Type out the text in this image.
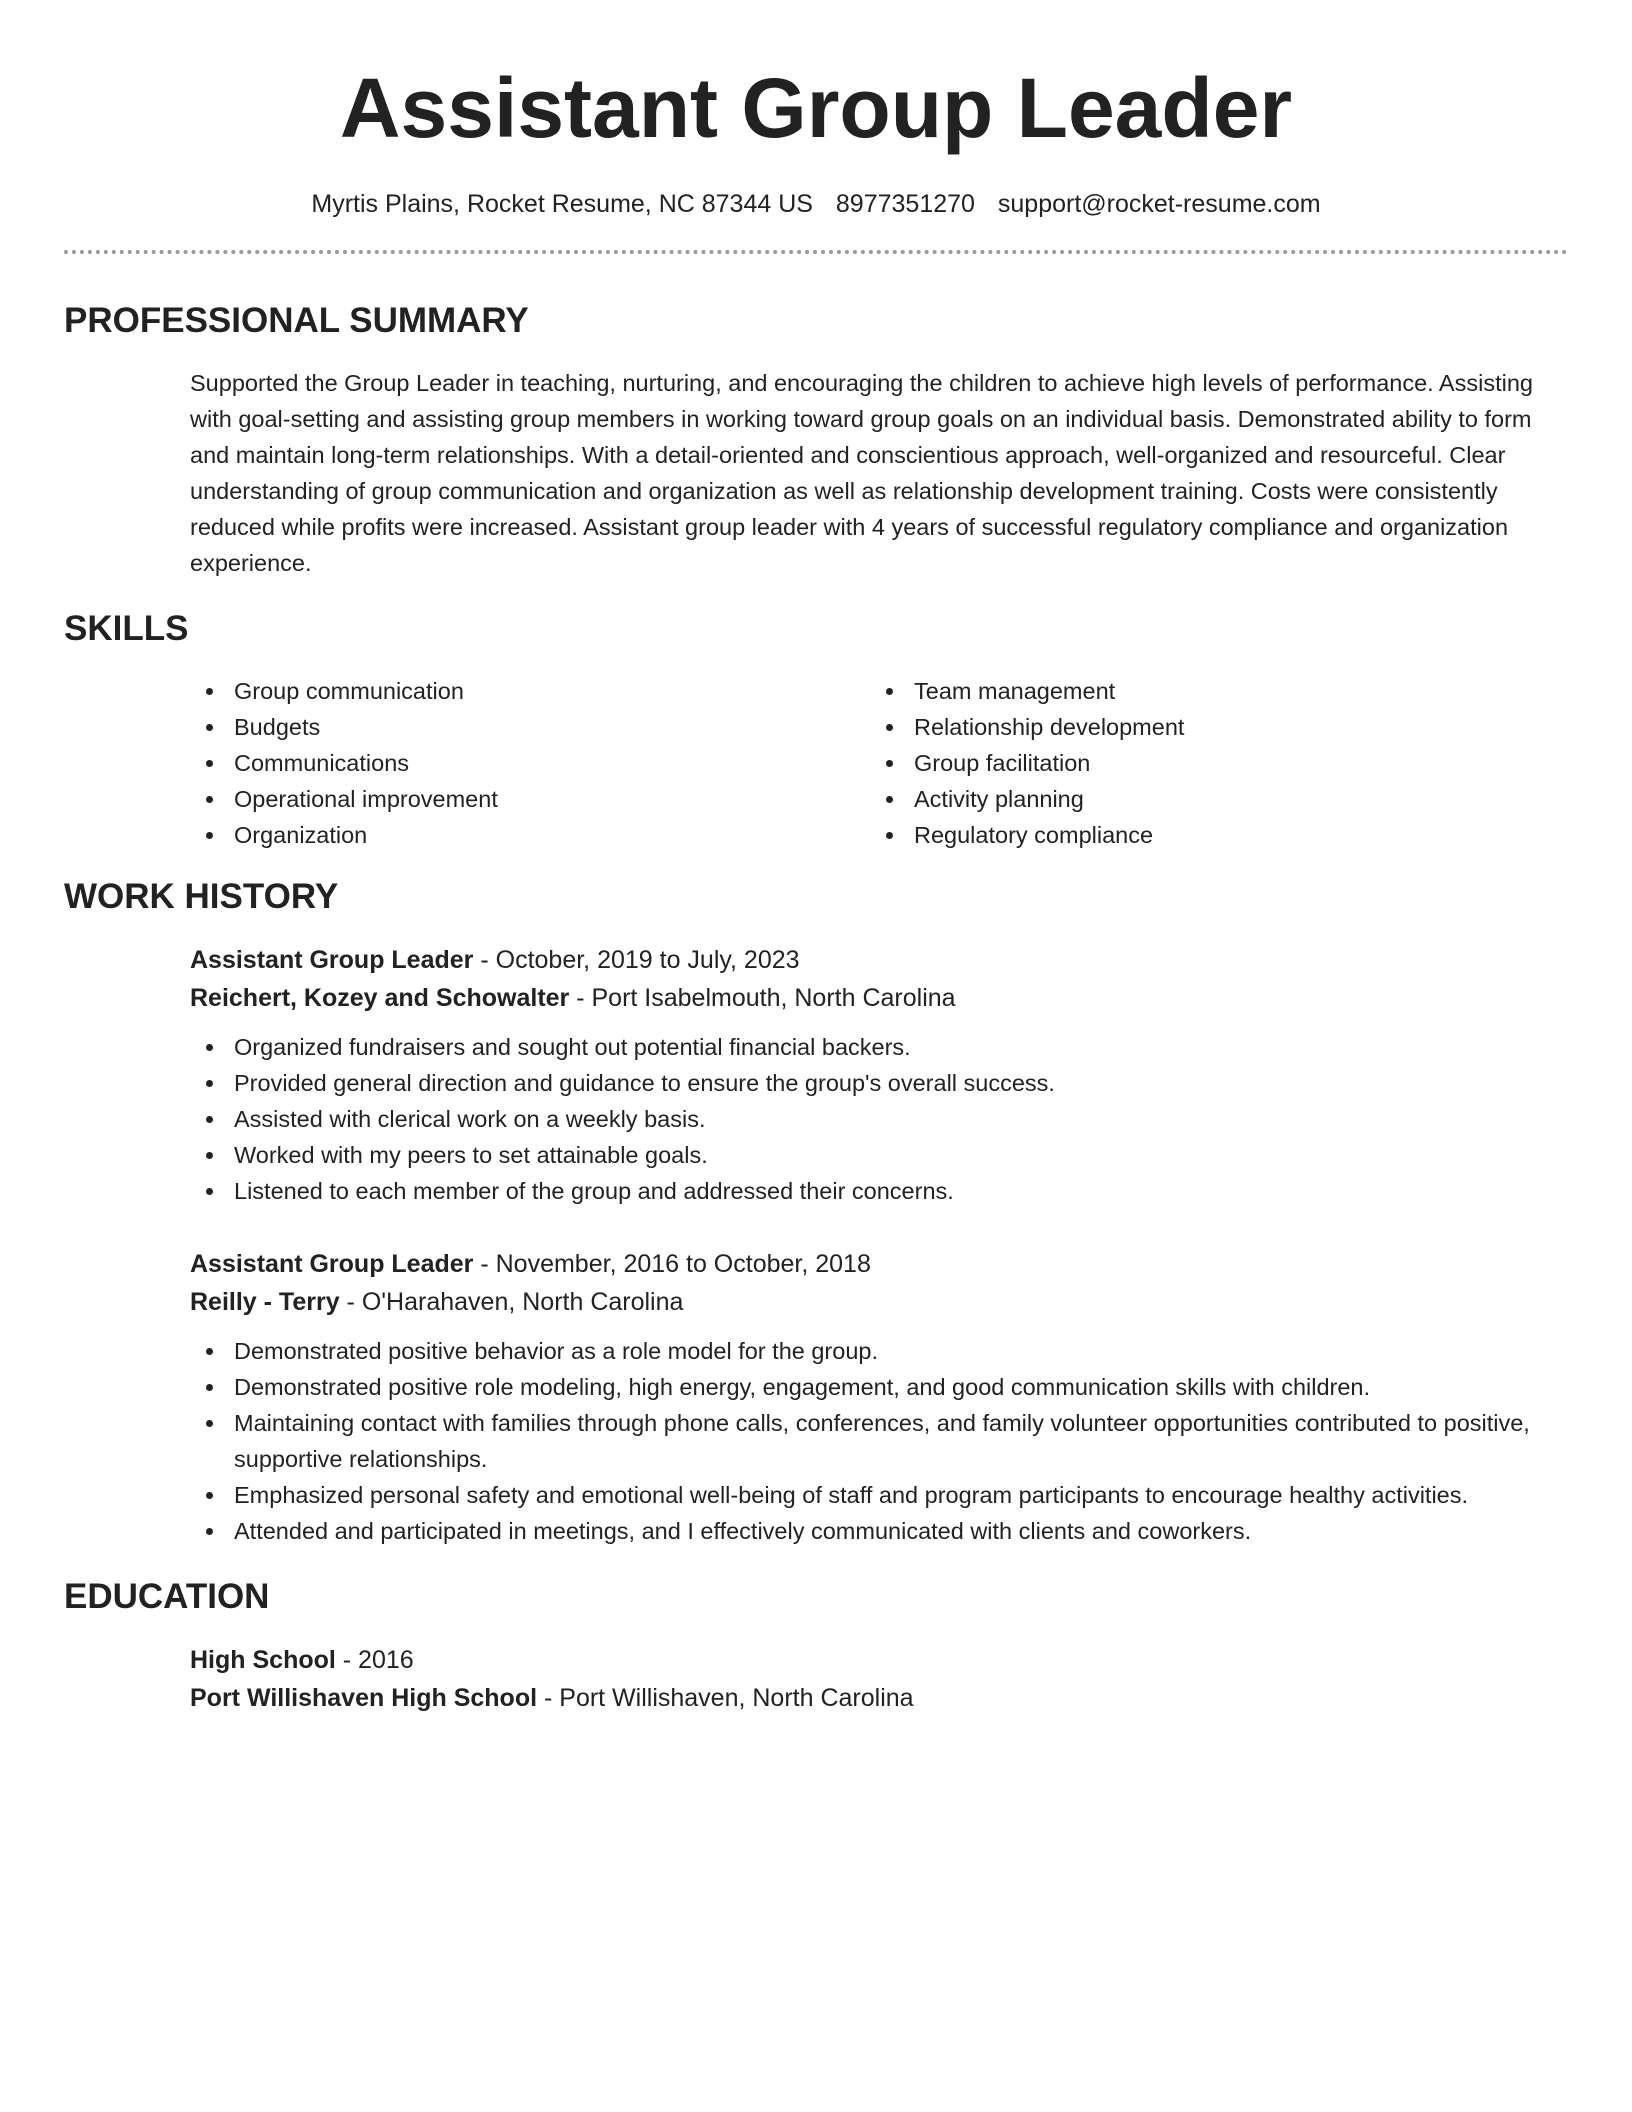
Assistant Group Leader
Myrtis Plains, Rocket Resume, NC 87344 US 8977351270 support@rocket-resume.com
PROFESSIONAL SUMMARY
Supported the Group Leader in teaching, nurturing, and encouraging the children to achieve high levels of performance. Assisting with goal-setting and assisting group members in working toward group goals on an individual basis. Demonstrated ability to form and maintain long-term relationships. With a detail-oriented and conscientious approach, well-organized and resourceful. Clear understanding of group communication and organization as well as relationship development training. Costs were consistently reduced while profits were increased. Assistant group leader with 4 years of successful regulatory compliance and organization experience.
SKILLS
Group communication
Budgets
Communications
Operational improvement
Organization
Team management
Relationship development
Group facilitation
Activity planning
Regulatory compliance
WORK HISTORY
Assistant Group Leader - October, 2019 to July, 2023
Reichert, Kozey and Schowalter - Port Isabelmouth, North Carolina
Organized fundraisers and sought out potential financial backers.
Provided general direction and guidance to ensure the group's overall success.
Assisted with clerical work on a weekly basis.
Worked with my peers to set attainable goals.
Listened to each member of the group and addressed their concerns.
Assistant Group Leader - November, 2016 to October, 2018
Reilly - Terry - O'Harahaven, North Carolina
Demonstrated positive behavior as a role model for the group.
Demonstrated positive role modeling, high energy, engagement, and good communication skills with children.
Maintaining contact with families through phone calls, conferences, and family volunteer opportunities contributed to positive, supportive relationships.
Emphasized personal safety and emotional well-being of staff and program participants to encourage healthy activities.
Attended and participated in meetings, and I effectively communicated with clients and coworkers.
EDUCATION
High School - 2016
Port Willishaven High School - Port Willishaven, North Carolina
